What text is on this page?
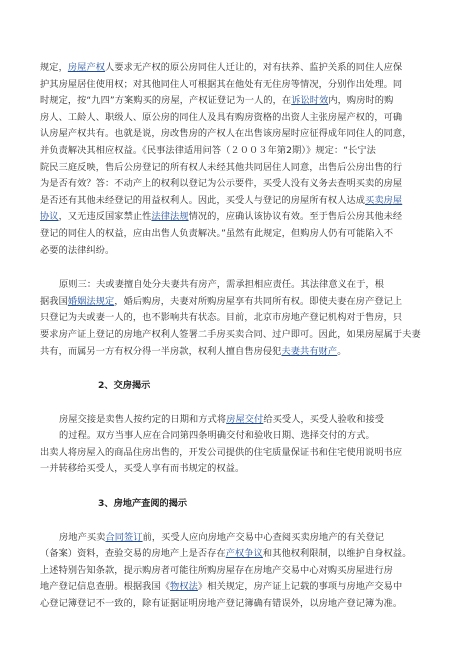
规定，房屋产权人要求无产权的原公房同住人迁让的，对有扶养、监护关系的同住人应保

护其房屋居住使用权；对其他同住人可根据其在他处有无住房等情况，分别作出处理。同

时规定，按“九四”方案购买的房屋，产权证登记为一人的，在诉讼时效内，购房时的购

房人、工龄人、职级人、原公房的同住人及具有购房资格的出资人主张房屋产权的，可确

认房屋产权共有。也就是说，房改售房的产权人在出售该房屋时应征得成年同住人的同意，

并负责解决其相应权益。《民事法律适用问答（２００３年第2期）》规定：“长宁法

院民三庭反映，售后公房登记的所有权人未经其他共同居住人同意，出售后公房出售的行

为是否有效？答：不动产上的权利以登记为公示要件，买受人没有义务去查明买卖的房屋

是否还有其他未经登记的用益权利人。因此，买受人与登记的房屋所有权人达成买卖房屋

协议，又无违反国家禁止性法律法规情况的，应确认该协议有效。至于售后公房其他未经

登记的同住人的权益，应由出售人负责解决。”虽然有此规定，但购房人仍有可能陷入不

必要的法律纠纷。

原则三：夫或妻擅自处分夫妻共有房产，需承担相应责任。其法律意义在于，根

据我国婚姻法规定，婚后购房，夫妻对所购房屋享有共同所有权。即使夫妻在房产登记上

只登记为夫或妻一人的，也不影响共有状态。目前，北京市房地产登记机构对于售房，只

要求房产证上登记的房地产权利人签署二手房买卖合同、过户即可。因此，如果房屋属于夫妻

共有，而属另一方有权分得一半房款，权利人擅自售房侵犯夫妻共有财产。

2、交房揭示

房屋交接是卖售人按约定的日期和方式将房屋交付给买受人，买受人验收和接受

的过程。双方当事人应在合同第四条明确交付和验收日期、选择交付的方式。

出卖人将房屋入的商品住房出售的，开发公司提供的住宅质量保证书和住宅使用说明书应

一并转移给买受人，买受人享有而书规定的权益。

3、房地产查阅的揭示

房地产买卖合同签订前，买受人应向房地产交易中心查阅买卖房地产的有关登记

（备案）资料，查验交易的房地产上是否存在产权争议和其他权利限制，以维护自身权益。

上述特别告知条款，提示购房者可能往所购房屋存在房地产交易中心对购买房屋进行房

地产登记信息查册。根据我国《物权法》相关规定，房产证上记载的事项与房地产交易中

心登记簿登记不一致的，除有证据证明房地产登记簿确有错误外，以房地产登记簿为准。
